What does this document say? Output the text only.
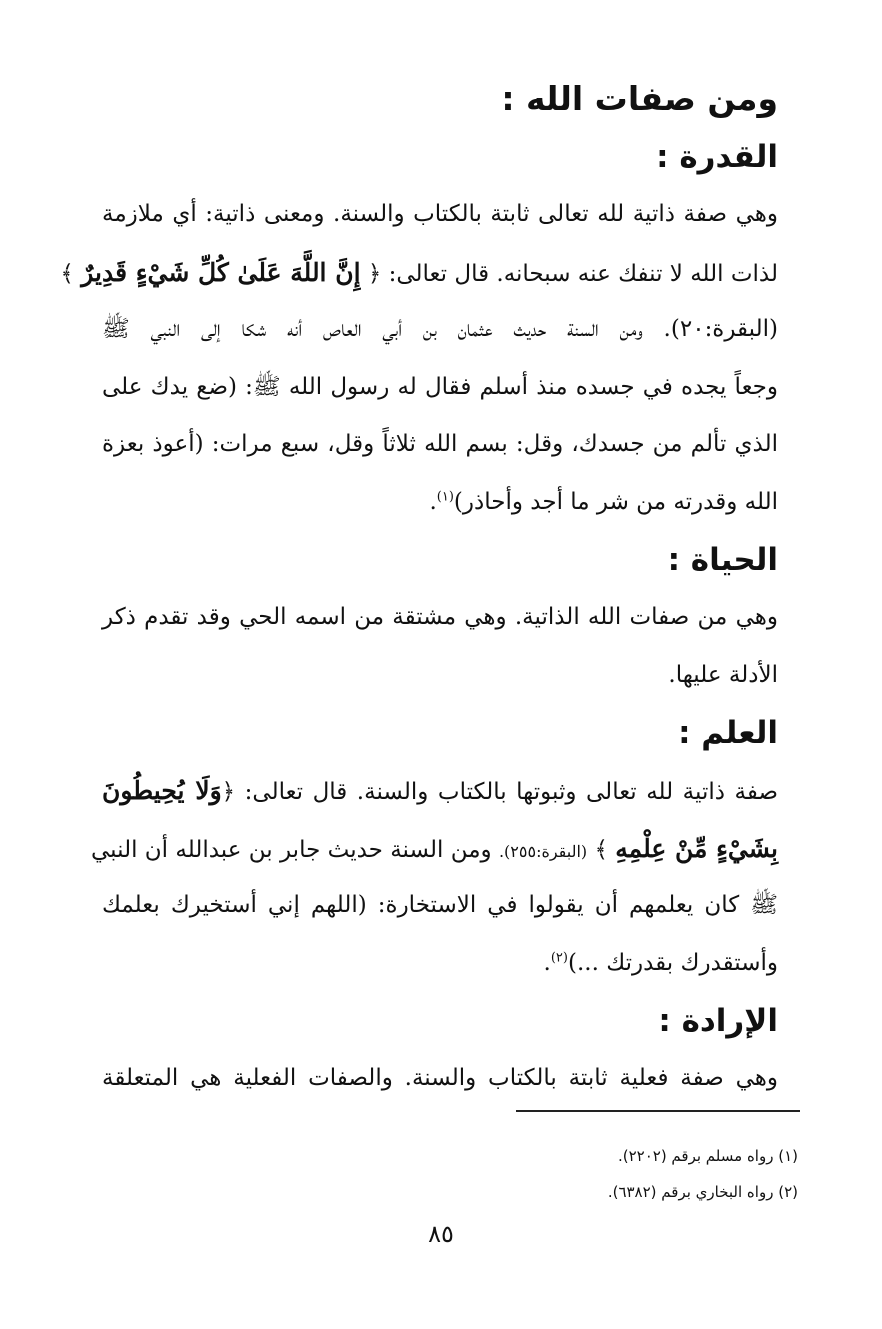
ومن صفات الله :
القدرة :
وهي صفة ذاتية لله تعالى ثابتة بالكتاب والسنة. ومعنى ذاتية: أي ملازمة
لذات الله لا تنفك عنه سبحانه. قال تعالى: ﴿ إِنَّ اللَّهَ عَلَىٰ كُلِّ شَيْءٍ قَدِيرٌ ﴾
(البقرة:٢٠). ومن السنة حديث عثمان بن أبي العاص أنه شكا إلى النبي ﷺ
وجعاً يجده في جسده منذ أسلم فقال له رسول الله ﷺ: (ضع يدك على
الذي تألم من جسدك، وقل: بسم الله ثلاثاً وقل، سبع مرات: (أعوذ بعزة
الله وقدرته من شر ما أجد وأحاذر)$^{(١)}$.
الحياة :
وهي من صفات الله الذاتية. وهي مشتقة من اسمه الحي وقد تقدم ذكر
الأدلة عليها.
العلم :
صفة ذاتية لله تعالى وثبوتها بالكتاب والسنة. قال تعالى: ﴿وَلَا يُحِيطُونَ
بِشَيْءٍ مِّنْ عِلْمِهِ ﴾ (البقرة:٢٥٥). ومن السنة حديث جابر بن عبدالله أن النبي
ﷺ كان يعلمهم أن يقولوا في الاستخارة: (اللهم إني أستخيرك بعلمك
وأستقدرك بقدرتك ...)$^{(٢)}$.
الإرادة :
وهي صفة فعلية ثابتة بالكتاب والسنة. والصفات الفعلية هي المتعلقة
(١) رواه مسلم برقم (٢٢٠٢).
(٢) رواه البخاري برقم (٦٣٨٢).
٨٥
